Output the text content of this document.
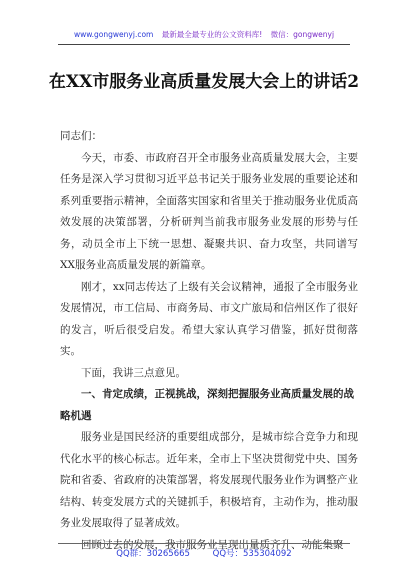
www.gongwenyj.com 最新最全最专业的公文资料库! 微信：gongwenyj
在XX市服务业高质量发展大会上的讲话2

同志们：

今天，市委、市政府召开全市服务业高质量发展大会，主要任务是深入学习贯彻习近平总书记关于服务业发展的重要论述和系列重要指示精神，全面落实国家和省里关于推动服务业优质高效发展的决策部署，分析研判当前我市服务业发展的形势与任务，动员全市上下统一思想、凝聚共识、奋力攻坚，共同谱写XX服务业高质量发展的新篇章。

刚才，xx同志传达了上级有关会议精神，通报了全市服务业发展情况，市工信局、市商务局、市文广旅局和信州区作了很好的发言，听后很受启发。希望大家认真学习借鉴，抓好贯彻落实。

下面，我讲三点意见。

一、肯定成绩，正视挑战，深刻把握服务业高质量发展的战略机遇

服务业是国民经济的重要组成部分，是城市综合竞争力和现代化水平的核心标志。近年来，全市上下坚决贯彻党中央、国务院和省委、省政府的决策部署，将发展现代服务业作为调整产业结构、转变发展方式的关键抓手，积极培育，主动作为，推动服务业发展取得了显著成效。

回顾过去的发展，我市服务业呈现出量质齐升、动能集聚

QQ群：30265665	QQ号：535304092
